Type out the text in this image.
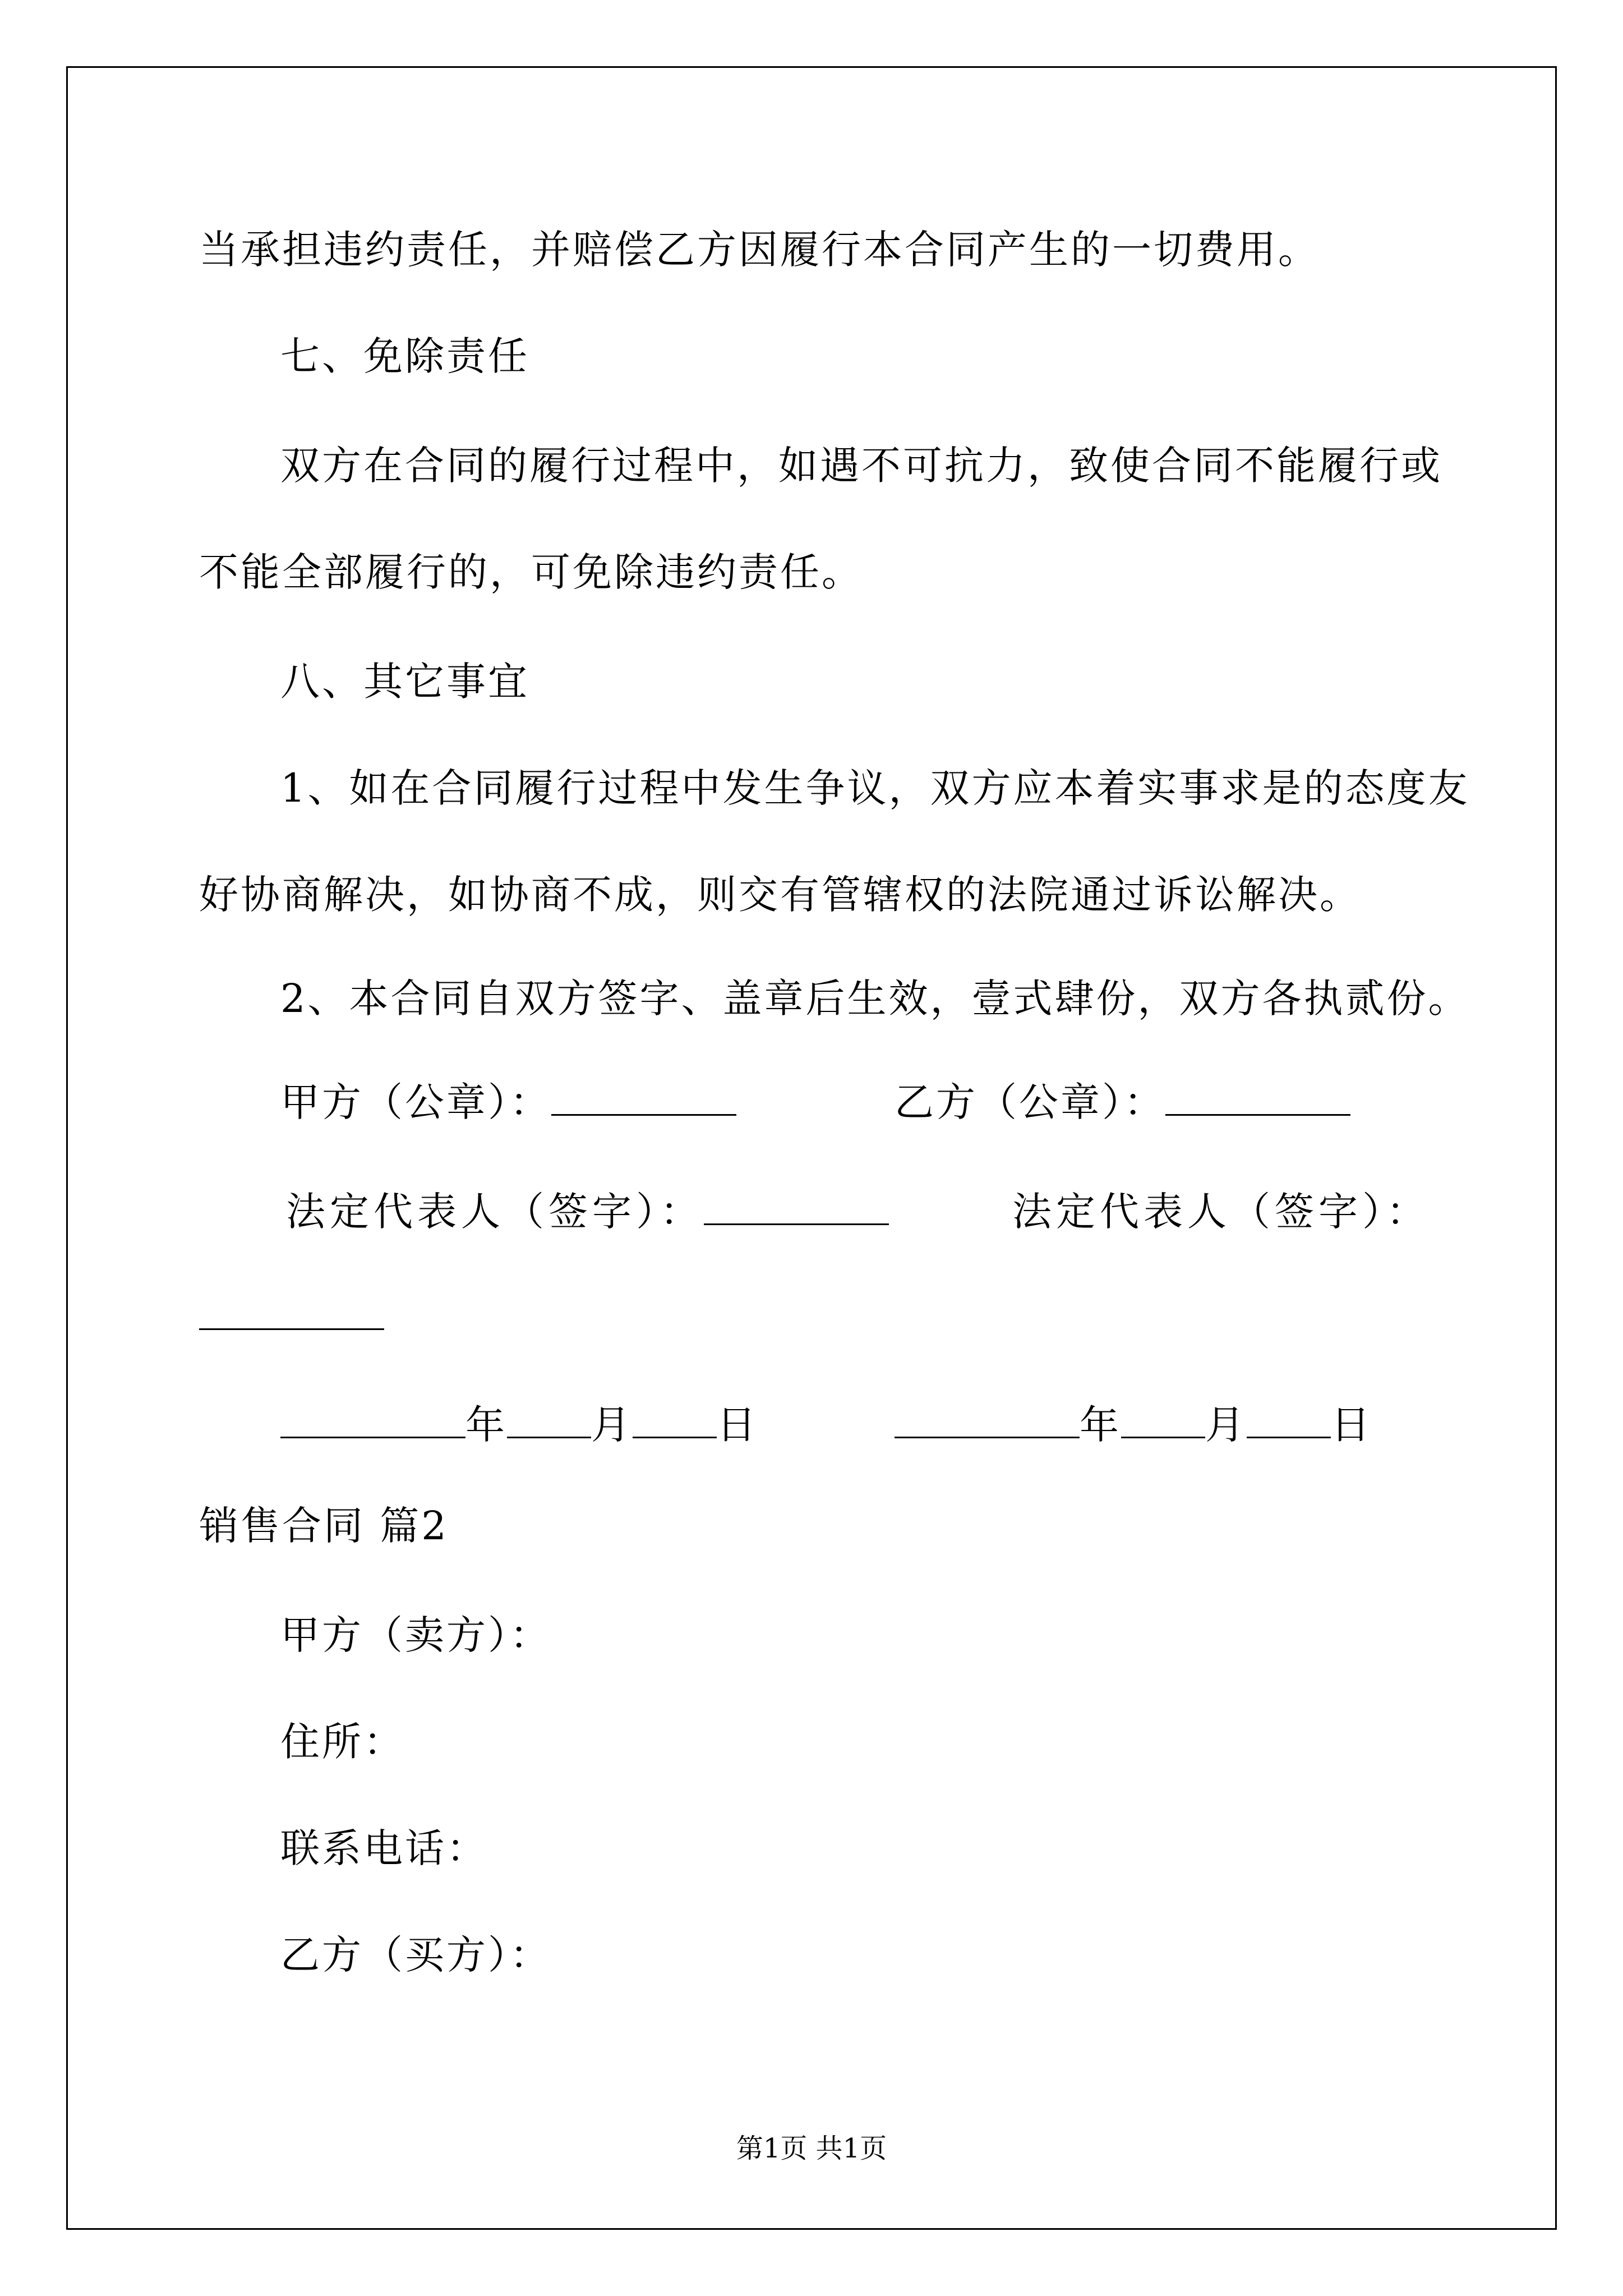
当承担违约责任，并赔偿乙方因履行本合同产生的一切费用。
七、免除责任
双方在合同的履行过程中，如遇不可抗力，致使合同不能履行或
不能全部履行的，可免除违约责任。
八、其它事宜
1、如在合同履行过程中发生争议，双方应本着实事求是的态度友
好协商解决，如协商不成，则交有管辖权的法院通过诉讼解决。
2、本合同自双方签字、盖章后生效，壹式肆份，双方各执贰份。
甲方（公章）：	乙方（公章）：
法定代表人（签字）：	法定代表人（签字）：
年 月 日	年 月 日
销售合同 篇2
甲方（卖方）：
住所：
联系电话：
乙方（买方）：
第1页 共1页
